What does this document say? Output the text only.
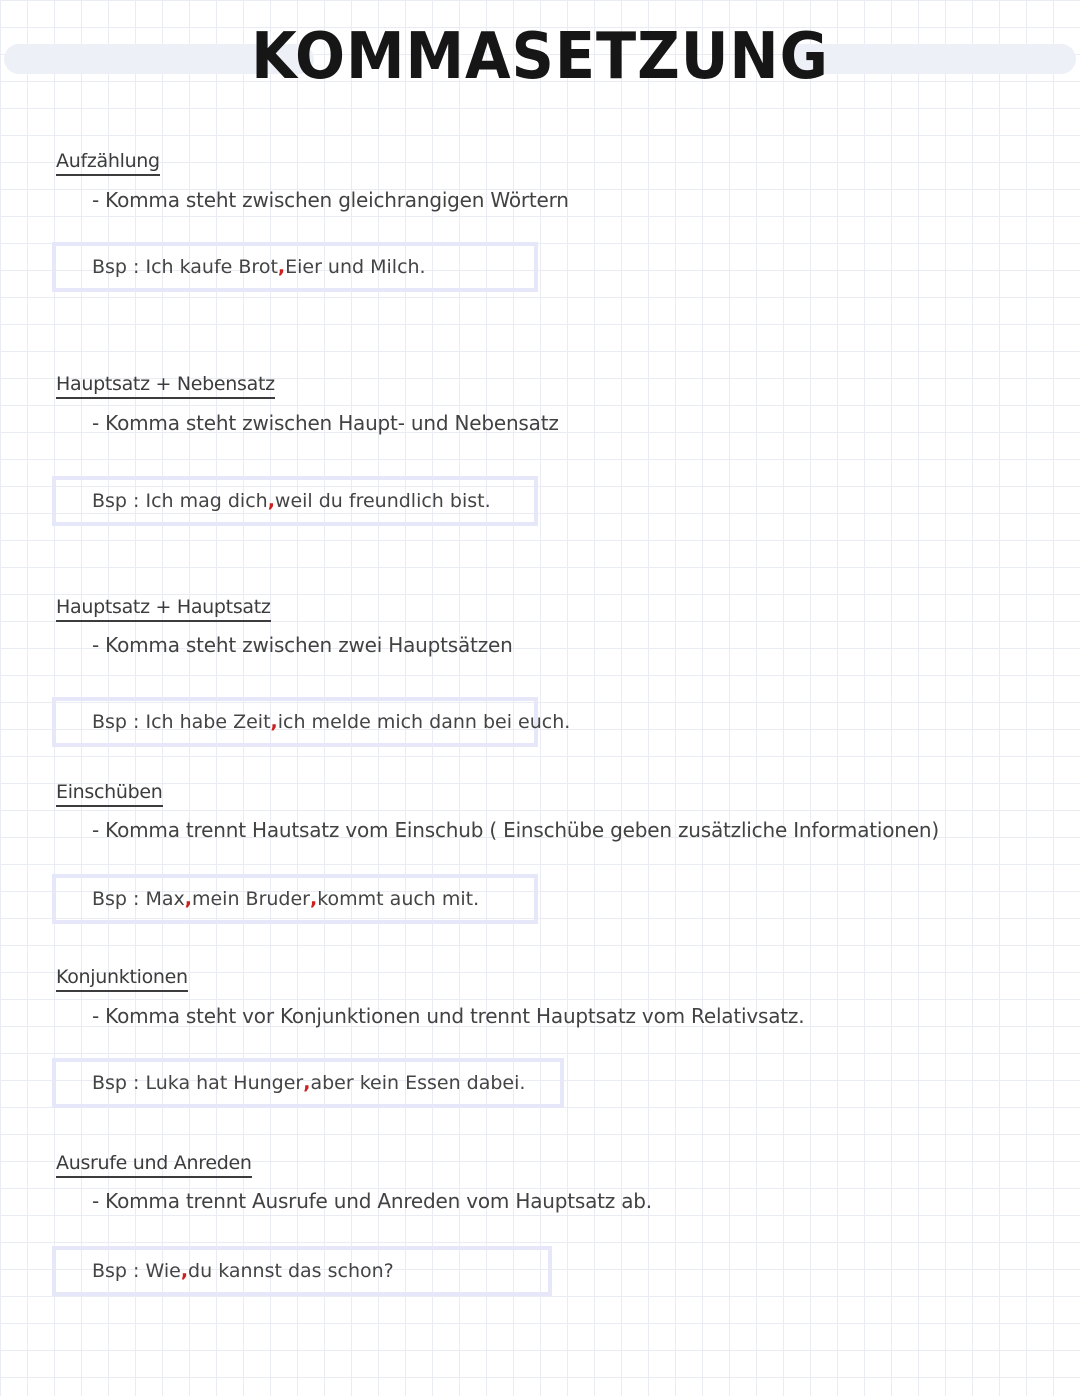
KOMMASETZUNG
Aufzählung
- Komma steht zwischen gleichrangigen Wörtern
Bsp :
Ich kaufe Brot , Eier und Milch.
Hauptsatz + Nebensatz
- Komma steht zwischen Haupt- und Nebensatz
Bsp :
Ich mag dich , weil du freundlich bist.
Hauptsatz + Hauptsatz
- Komma steht zwischen zwei Hauptsätzen
Bsp :
Ich habe Zeit , ich melde mich dann bei euch.
Einschüben
- Komma trennt Hautsatz vom Einschub ( Einschübe geben zusätzliche Informationen)
Bsp :
Max , mein Bruder , kommt auch mit.
Konjunktionen
- Komma steht vor Konjunktionen und trennt Hauptsatz vom Relativsatz.
Bsp :
Luka hat Hunger , aber kein Essen dabei.
Ausrufe und Anreden
- Komma trennt Ausrufe und Anreden vom Hauptsatz ab.
Bsp :
Wie , du kannst das schon?
